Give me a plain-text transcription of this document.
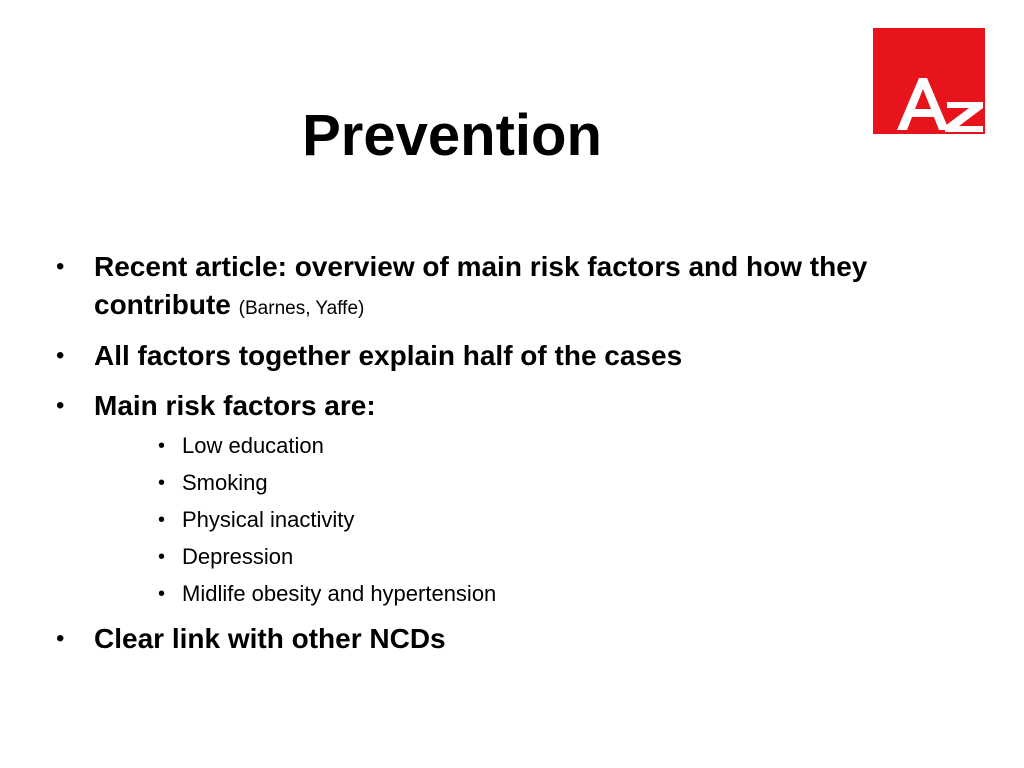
Prevention
• Recent article: overview of main risk factors and how they contribute (Barnes, Yaffe)
• All factors together explain half of the cases
• Main risk factors are:
• Low education
• Smoking
• Physical inactivity
• Depression
• Midlife obesity and hypertension
• Clear link with other NCDs
